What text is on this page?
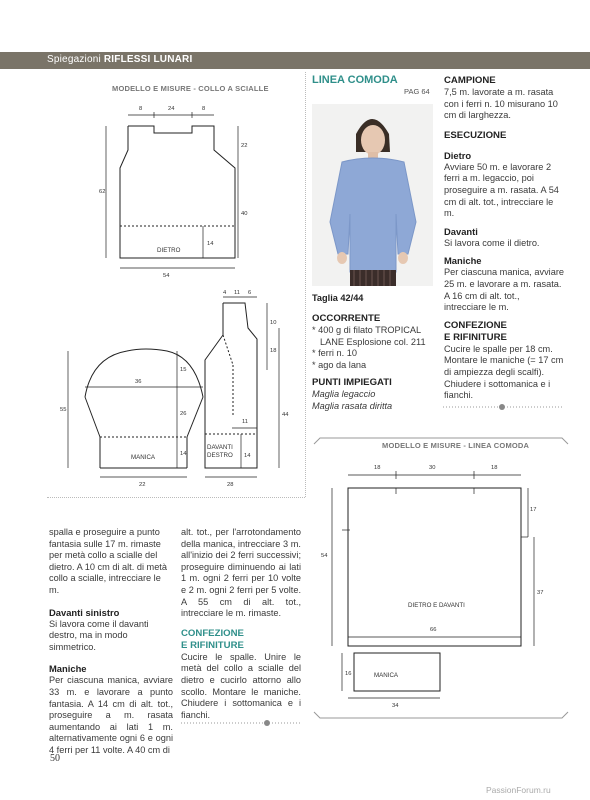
Spiegazioni RIFLESSI LUNARI
MODELLO E MISURE - COLLO A SCIALLE
8	24	8
22
62
40
14
54
DIETRO
4 11 6
10
18
44
11
14
28
DAVANTI
DESTRO
36
15
55
26
14
22
MANICA
LINEA COMODA
PAG 64
Taglia 42/44
OCCORRENTE
* 400 g di filato TROPICAL
LANE Esplosione col. 211
* ferri n. 10
* ago da lana
PUNTI IMPIEGATI
Maglia legaccio
Maglia rasata diritta
CAMPIONE
7,5 m. lavorate a m. rasata con i ferri n. 10 misurano 10 cm di larghezza.
ESECUZIONE
Dietro
Avviare 50 m. e lavorare 2 ferri a m. legaccio, poi proseguire a m. rasata. A 54 cm di alt. tot., intrecciare le m.
Davanti
Si lavora come il dietro.
Maniche
Per ciascuna manica, avviare 25 m. e lavorare a m. rasata. A 16 cm di alt. tot., intrecciare le m.
CONFEZIONE
E RIFINITURE
Cucire le spalle per 18 cm. Montare le maniche (= 17 cm di ampiezza degli scalfi). Chiudere i sottomanica e i fianchi.
18	30	18
17
54
37
66
16
34
DIETRO E DAVANTI
MANICA
MODELLO E MISURE - LINEA COMODA
spalla e proseguire a punto fantasia sulle 17 m. rimaste per metà collo a scialle del dietro. A 10 cm di alt. di metà collo a scialle, intrecciare le m.
Davanti sinistro
Si lavora come il davanti destro, ma in modo simmetrico.
Maniche
Per ciascuna manica, avviare 33 m. e lavorare a punto fantasia. A 14 cm di alt. tot., proseguire a m. rasata aumentando ai lati 1 m. alternativamente ogni 6 e ogni 4 ferri per 11 volte. A 40 cm di
alt. tot., per l'arrotondamento della manica, intrecciare 3 m. all'inizio dei 2 ferri successivi; proseguire diminuendo ai lati 1 m. ogni 2 ferri per 10 volte e 2 m. ogni 2 ferri per 5 volte. A 55 cm di alt. tot., intrecciare le m. rimaste.
CONFEZIONE
E RIFINITURE
Cucire le spalle. Unire le metà del collo a scialle del dietro e cucirlo attorno allo scollo. Montare le maniche. Chiudere i sottomanica e i fianchi.
50
PassionForum.ru
